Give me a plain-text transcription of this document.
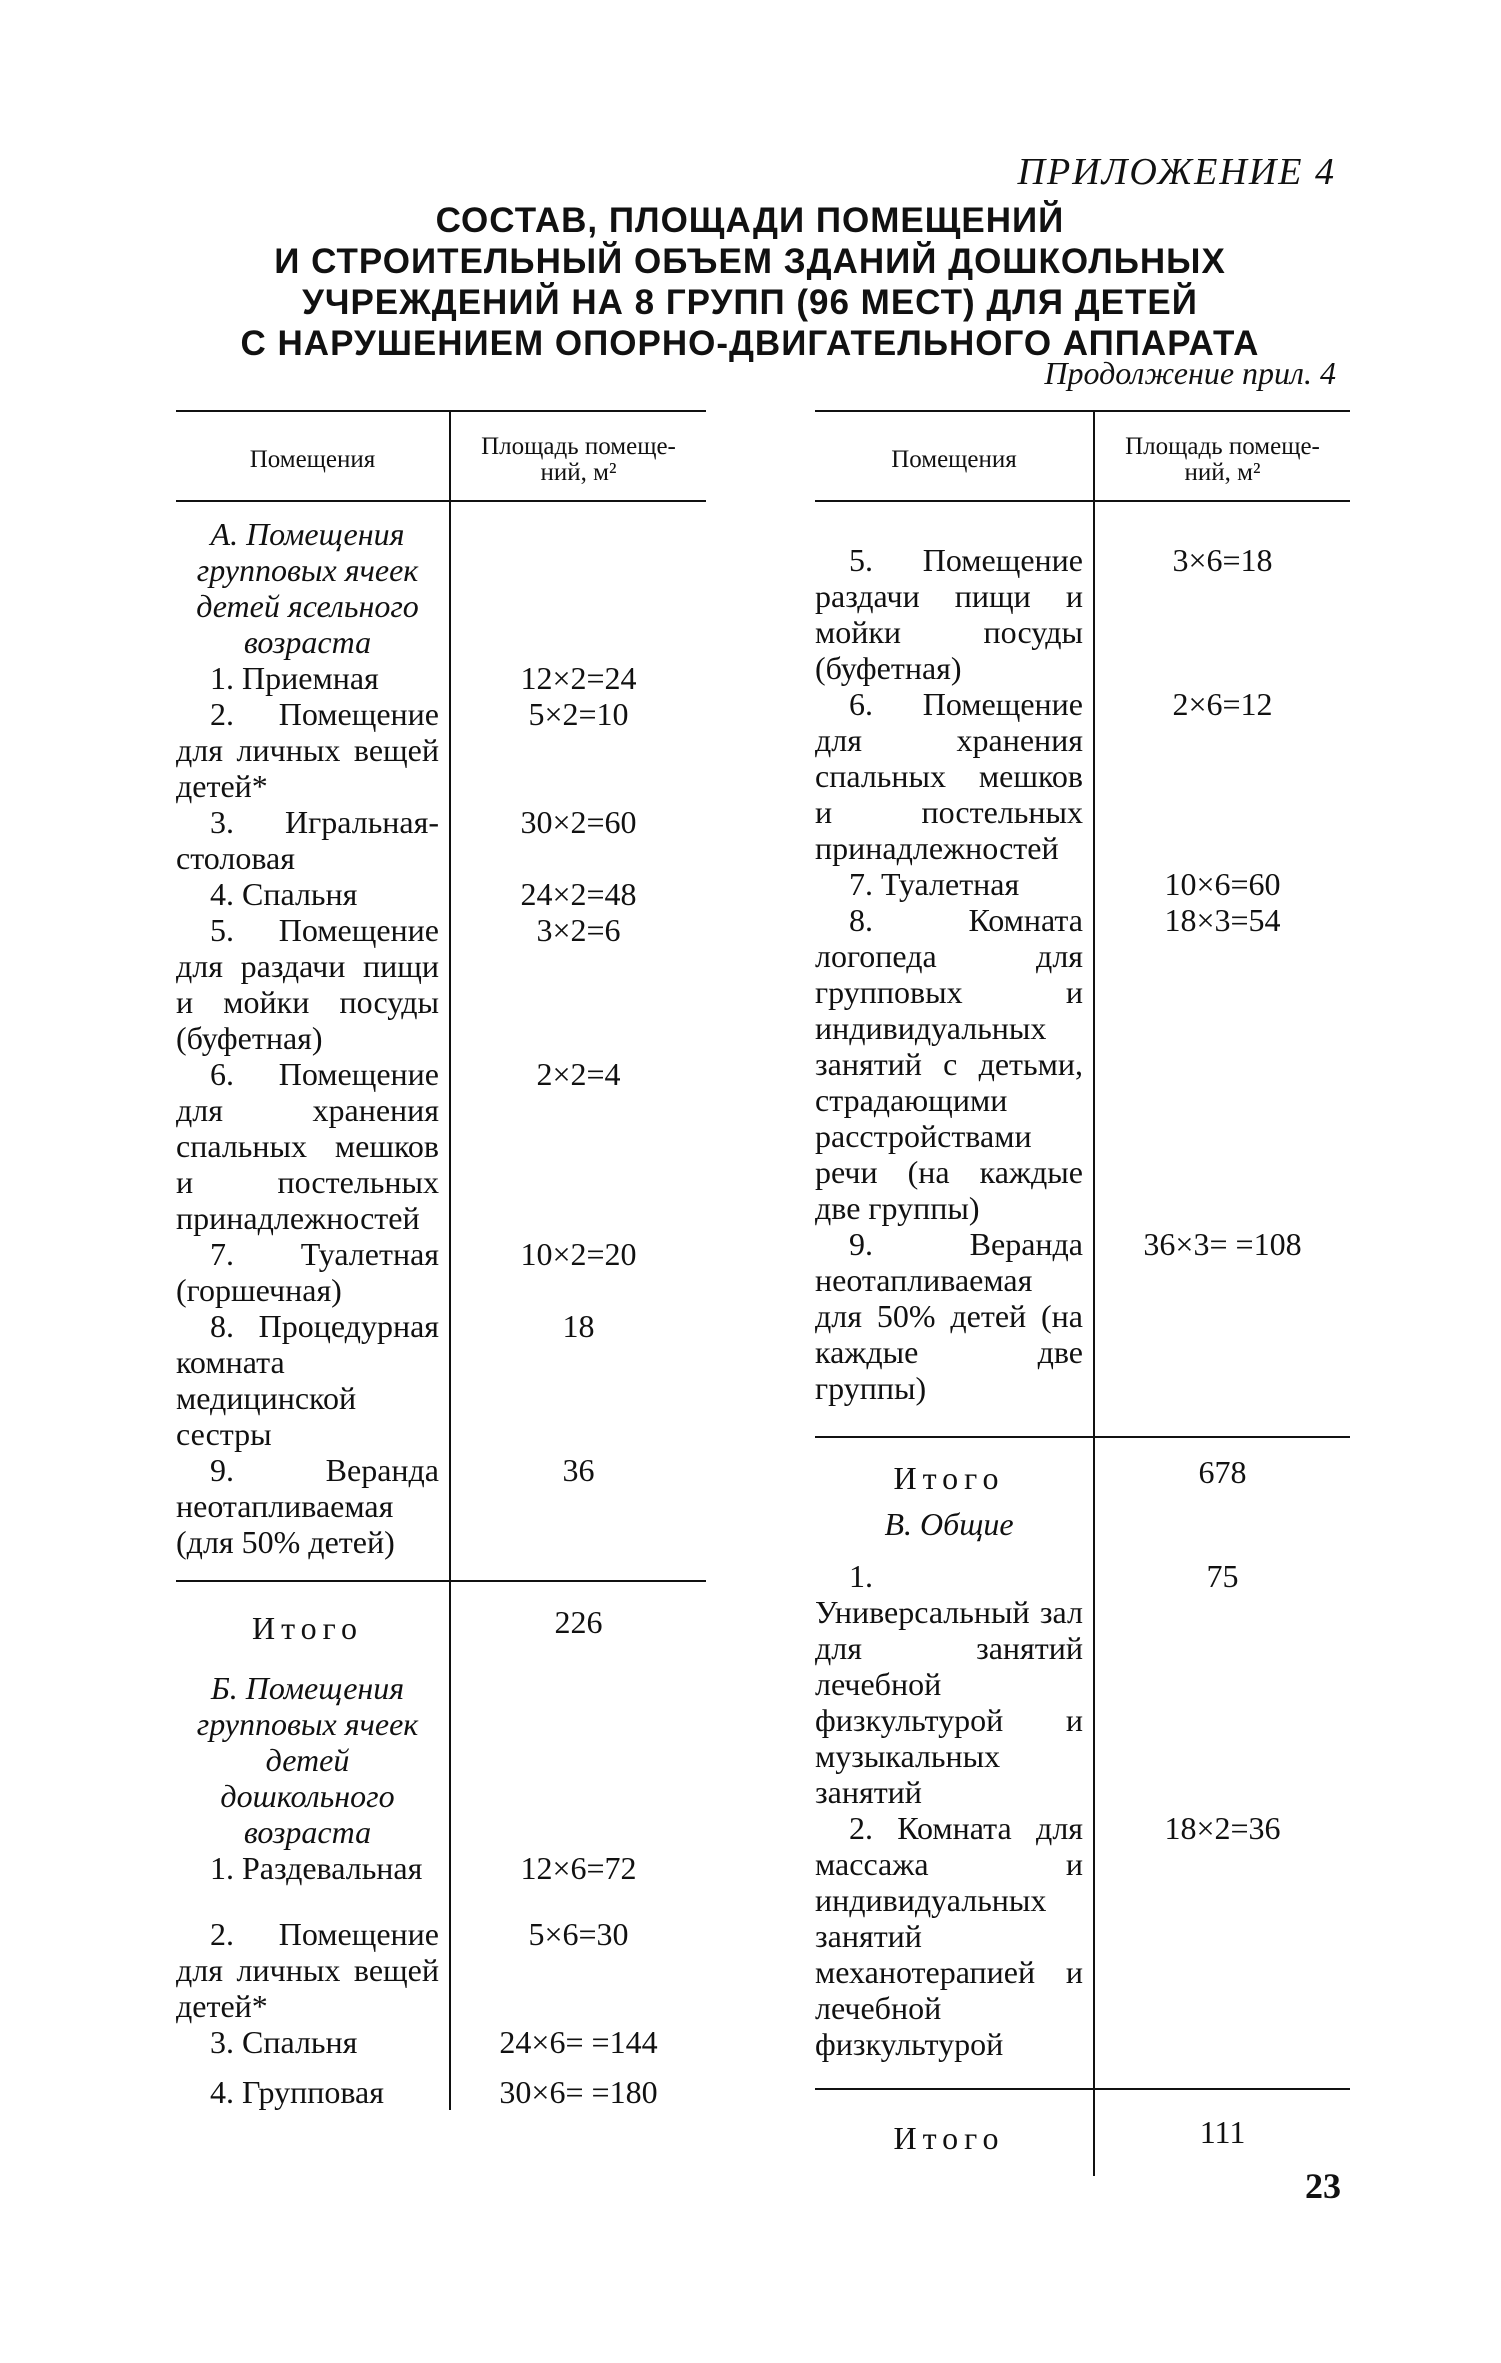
ПРИЛОЖЕНИЕ 4
СОСТАВ, ПЛОЩАДИ ПОМЕЩЕНИЙ
И СТРОИТЕЛЬНЫЙ ОБЪЕМ ЗДАНИЙ ДОШКОЛЬНЫХ
УЧРЕЖДЕНИЙ НА 8 ГРУПП (96 МЕСТ) ДЛЯ ДЕТЕЙ
С НАРУШЕНИЕМ ОПОРНО-ДВИГАТЕЛЬНОГО АППАРАТА
Продолжение прил. 4
Помещения	Площадь помеще- ний, м²
А. Помещения групповых ячеек детей ясельного возраста	
1. Приемная	12×2=24
2. Помещение для личных вещей детей*	5×2=10
3. Игральная-столовая	30×2=60
4. Спальня	24×2=48
5. Помещение для раздачи пищи и мойки посуды (буфетная)	3×2=6
6. Помещение для хранения спальных мешков и постельных принадлежностей	2×2=4
7. Туалетная (горшечная)	10×2=20
8. Процедурная комната медицинской сестры	18
9. Веранда неотапливаемая (для 50% детей)	36
Итого	226
Б. Помещения групповых ячеек детей дошкольного возраста	
1. Раздевальная	12×6=72
2. Помещение для личных вещей детей*	5×6=30
3. Спальня	24×6= =144
4. Групповая	30×6= =180
Помещения	Площадь помеще- ний, м²
5. Помещение раздачи пищи и мойки посуды (буфетная)	3×6=18
6. Помещение для хранения спальных мешков и постельных принадлежностей	2×6=12
7. Туалетная	10×6=60
8. Комната логопеда для групповых и индивидуальных занятий с детьми, страдающими расстройствами речи (на каждые две группы)	18×3=54
9. Веранда неотапливаемая для 50% детей (на каждые две группы)	36×3= =108
Итого	678
В. Общие	
1. Универсальный зал для занятий лечебной физкультурой и музыкальных занятий	75
2. Комната для массажа и индивидуальных занятий механотерапией и лечебной физкультурой	18×2=36
Итого	111
23
